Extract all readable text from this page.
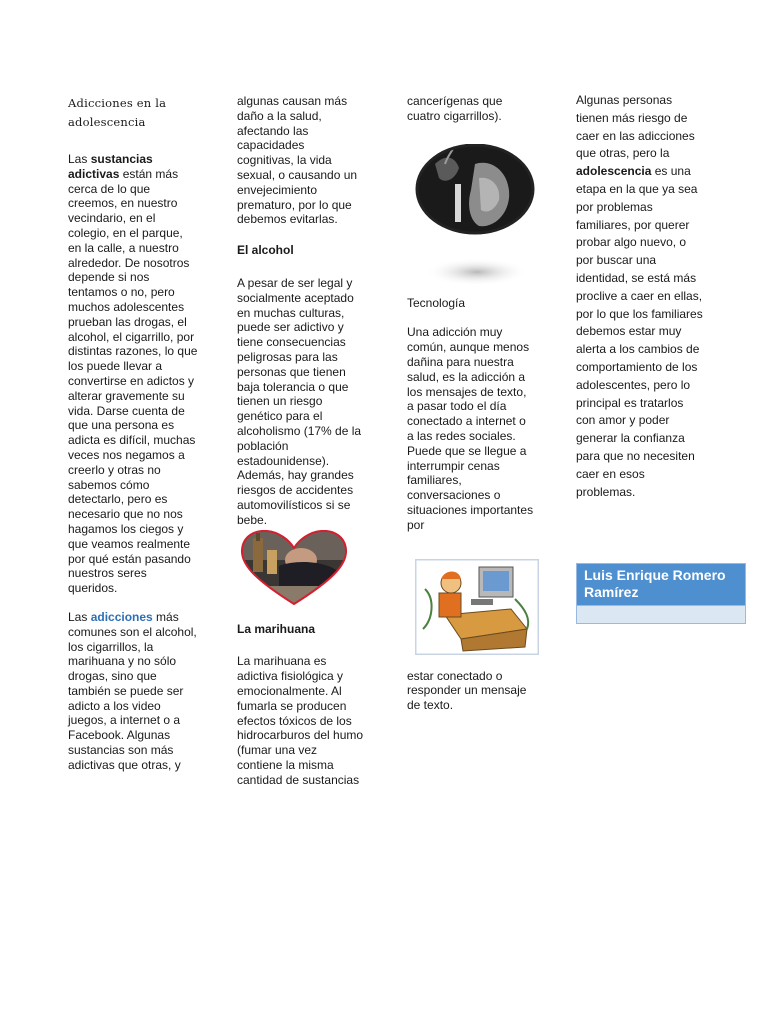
Adicciones en la
adolescencia

Las sustancias adictivas están más cerca de lo que creemos, en nuestro vecindario, en el colegio, en el parque, en la calle, a nuestro alrededor. De nosotros depende si nos tentamos o no, pero muchos adolescentes prueban las drogas, el alcohol, el cigarrillo, por distintas razones, lo que los puede llevar a convertirse en adictos y alterar gravemente su vida. Darse cuenta de que una persona es adicta es difícil, muchas veces nos negamos a creerlo y otras no sabemos cómo detectarlo, pero es necesario que no nos hagamos los ciegos y que veamos realmente por qué están pasando nuestros seres queridos.

Las adicciones más comunes son el alcohol, los cigarrillos, la marihuana y no sólo drogas, sino que también se puede ser adicto a los video juegos, a internet o a Facebook. Algunas sustancias son más adictivas que otras, y

algunas causan más daño a la salud, afectando las capacidades cognitivas, la vida sexual, o causando un envejecimiento prematuro, por lo que debemos evitarlas.

El alcohol

A pesar de ser legal y socialmente aceptado en muchas culturas, puede ser adictivo y tiene consecuencias peligrosas para las personas que tienen baja tolerancia o que tienen un riesgo genético para el alcoholismo (17% de la población estadounidense). Además, hay grandes riesgos de accidentes automovilísticos si se bebe.

La marihuana

La marihuana es adictiva fisiológica y emocionalmente. Al fumarla se producen efectos tóxicos de los hidrocarburos del humo (fumar una vez contiene la misma cantidad de sustancias

cancerígenas que cuatro cigarrillos).

Tecnología

Una adicción muy común, aunque menos dañina para nuestra salud, es la adicción a los mensajes de texto, a pasar todo el día conectado a internet o a las redes sociales. Puede que se llegue a interrumpir cenas familiares, conversaciones o situaciones importantes por

estar conectado o responder un mensaje de texto.

Algunas personas tienen más riesgo de caer en las adicciones que otras, pero la adolescencia es una etapa en la que ya sea por problemas familiares, por querer probar algo nuevo, o por buscar una identidad, se está más proclive a caer en ellas, por lo que los familiares debemos estar muy alerta a los cambios de comportamiento de los adolescentes, pero lo principal es tratarlos con amor y poder generar la confianza para que no necesiten caer en esos problemas.

Luis Enrique Romero Ramírez
